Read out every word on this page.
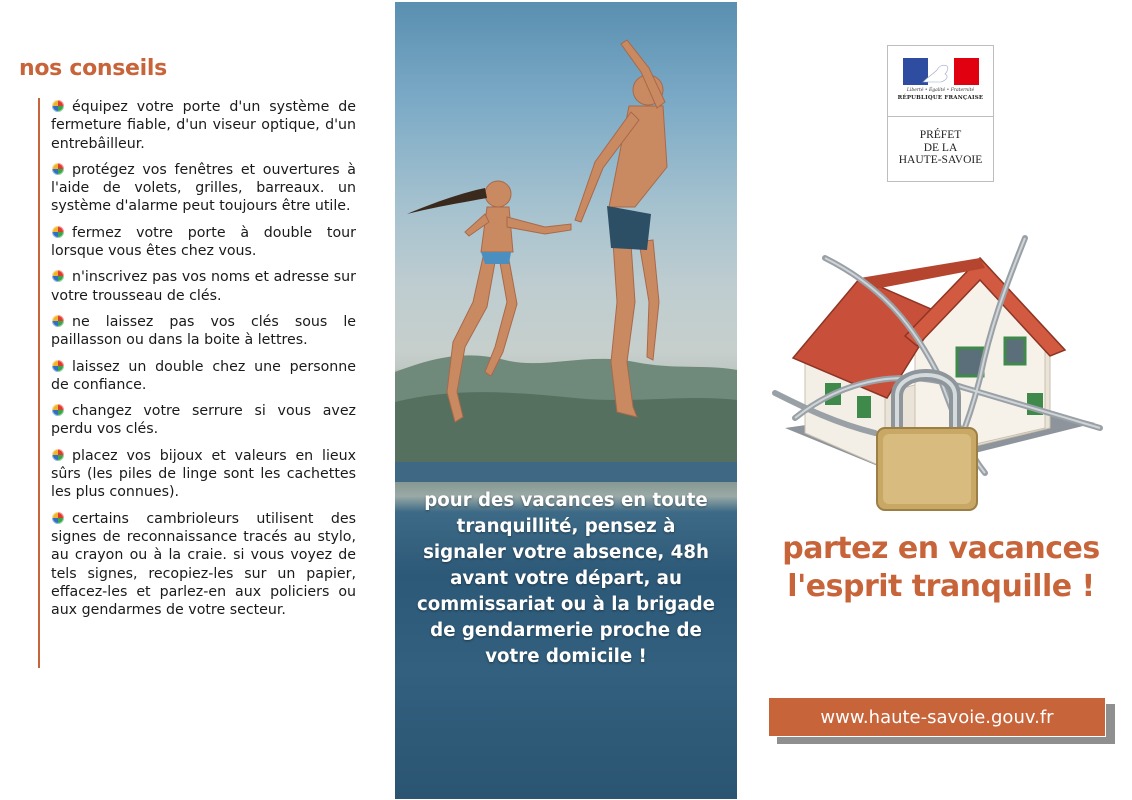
nos conseils

équipez votre porte d'un système de fermeture fiable, d'un viseur optique, d'un entrebâilleur.

protégez vos fenêtres et ouvertures à l'aide de volets, grilles, barreaux. un système d'alarme peut toujours être utile.

fermez votre porte à double tour lorsque vous êtes chez vous.

n'inscrivez pas vos noms et adresse sur votre trousseau de clés.

ne laissez pas vos clés sous le paillasson ou dans la boite à lettres.

laissez un double chez une personne de confiance.

changez votre serrure si vous avez perdu vos clés.

placez vos bijoux et valeurs en lieux sûrs (les piles de linge sont les cachettes les plus connues).

certains cambrioleurs utilisent des signes de reconnaissance tracés au stylo, au crayon ou à la craie. si vous voyez de tels signes, recopiez-les sur un papier, effacez-les et parlez-en aux policiers ou aux gendarmes de votre secteur.

pour des vacances en toute tranquillité, pensez à signaler votre absence, 48h avant votre départ, au commissariat ou à la brigade de gendarmerie proche de votre domicile !
Liberté • Égalité • Fraternité
RÉPUBLIQUE FRANÇAISE
PRÉFET
DE LA
HAUTE-SAVOIE
partez en vacances
l'esprit tranquille !
www.haute-savoie.gouv.fr
